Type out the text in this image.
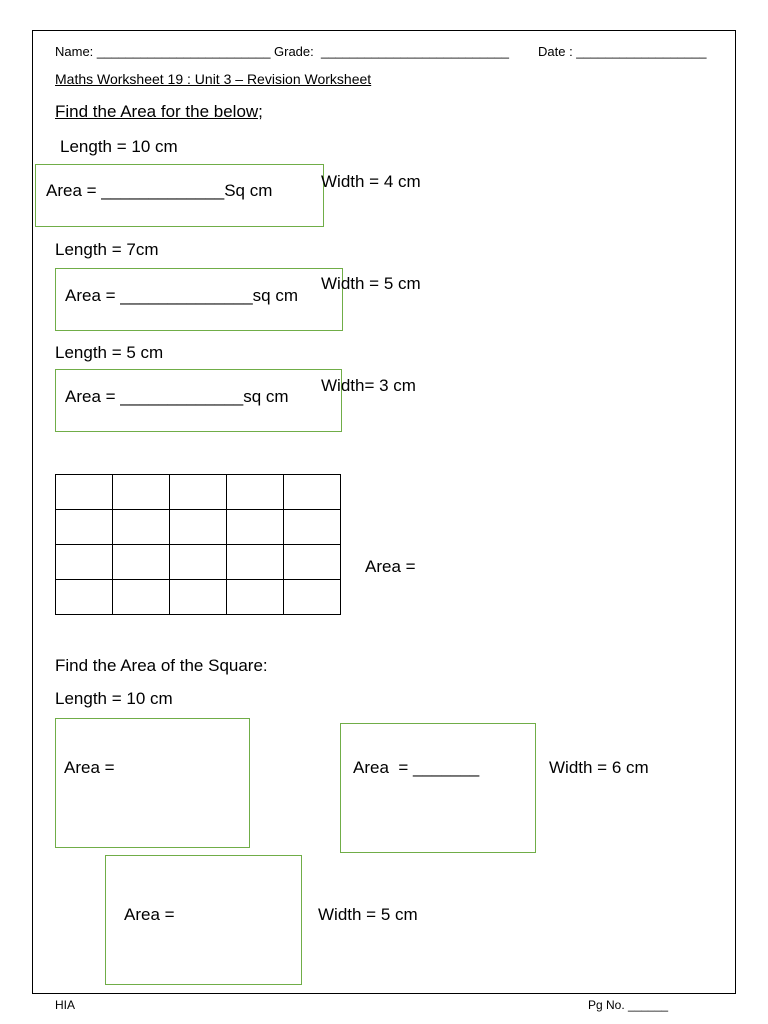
Name: ________________________ Grade:  __________________________ Date : __________________
Maths Worksheet 19 : Unit 3 – Revision Worksheet
Find the Area for the below;
Length = 10 cm
Area = _____________Sq cm	Width = 4 cm
Length = 7cm
Area = ______________sq cm
Width = 5 cm
Length = 5 cm
Area = _____________sq cm
Width= 3 cm

Area =
Find the Area of the Square:
Length = 10 cm
Area =	Area  = _______	Width = 6 cm
Area =	Width = 5 cm
HIA	Pg No. ______
